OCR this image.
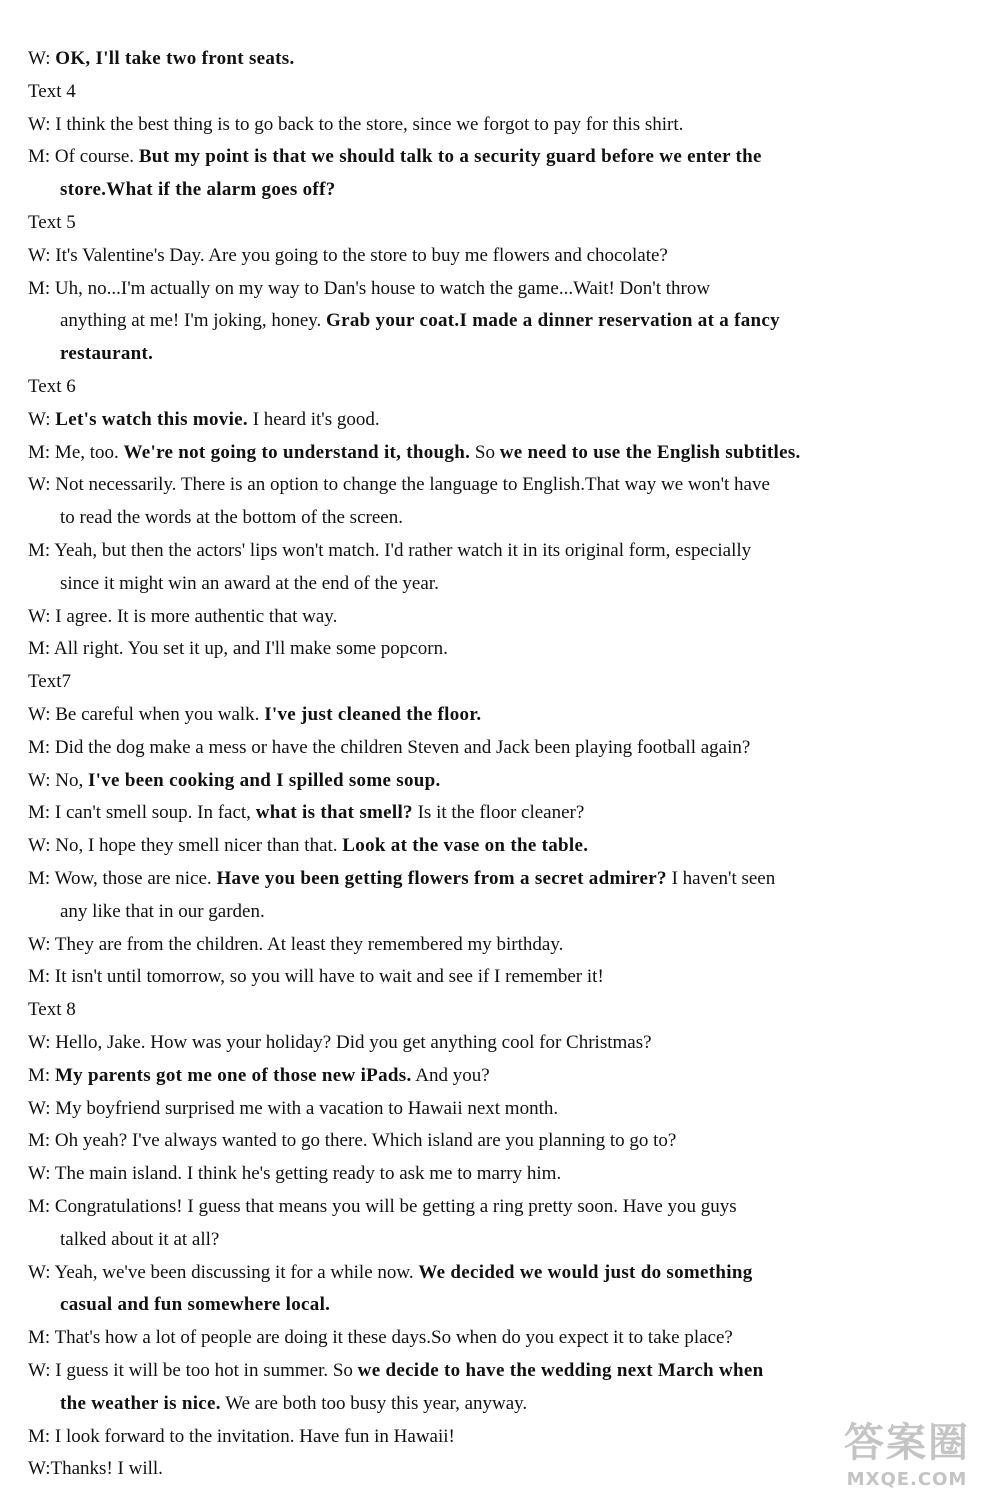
W: OK, I'll take two front seats.
Text 4
W: I think the best thing is to go back to the store, since we forgot to pay for this shirt.
M: Of course. But my point is that we should talk to a security guard before we enter the
store.What if the alarm goes off?
Text 5
W: It's Valentine's Day. Are you going to the store to buy me flowers and chocolate?
M: Uh, no...I'm actually on my way to Dan's house to watch the game...Wait! Don't throw
anything at me! I'm joking, honey. Grab your coat.I made a dinner reservation at a fancy
restaurant.
Text 6
W: Let's watch this movie. I heard it's good.
M: Me, too. We're not going to understand it, though. So we need to use the English subtitles.
W: Not necessarily. There is an option to change the language to English.That way we won't have
to read the words at the bottom of the screen.
M: Yeah, but then the actors' lips won't match. I'd rather watch it in its original form, especially
since it might win an award at the end of the year.
W: I agree. It is more authentic that way.
M: All right. You set it up, and I'll make some popcorn.
Text7
W: Be careful when you walk. I've just cleaned the floor.
M: Did the dog make a mess or have the children Steven and Jack been playing football again?
W: No, I've been cooking and I spilled some soup.
M: I can't smell soup. In fact, what is that smell? Is it the floor cleaner?
W: No, I hope they smell nicer than that. Look at the vase on the table.
M: Wow, those are nice. Have you been getting flowers from a secret admirer? I haven't seen
any like that in our garden.
W: They are from the children. At least they remembered my birthday.
M: It isn't until tomorrow, so you will have to wait and see if I remember it!
Text 8
W: Hello, Jake. How was your holiday? Did you get anything cool for Christmas?
M: My parents got me one of those new iPads. And you?
W: My boyfriend surprised me with a vacation to Hawaii next month.
M: Oh yeah? I've always wanted to go there. Which island are you planning to go to?
W: The main island. I think he's getting ready to ask me to marry him.
M: Congratulations! I guess that means you will be getting a ring pretty soon. Have you guys
talked about it at all?
W: Yeah, we've been discussing it for a while now. We decided we would just do something
casual and fun somewhere local.
M: That's how a lot of people are doing it these days.So when do you expect it to take place?
W: I guess it will be too hot in summer. So we decide to have the wedding next March when
the weather is nice. We are both too busy this year, anyway.
M: I look forward to the invitation. Have fun in Hawaii!
W:Thanks! I will.
答案圈
MXQE.COM
